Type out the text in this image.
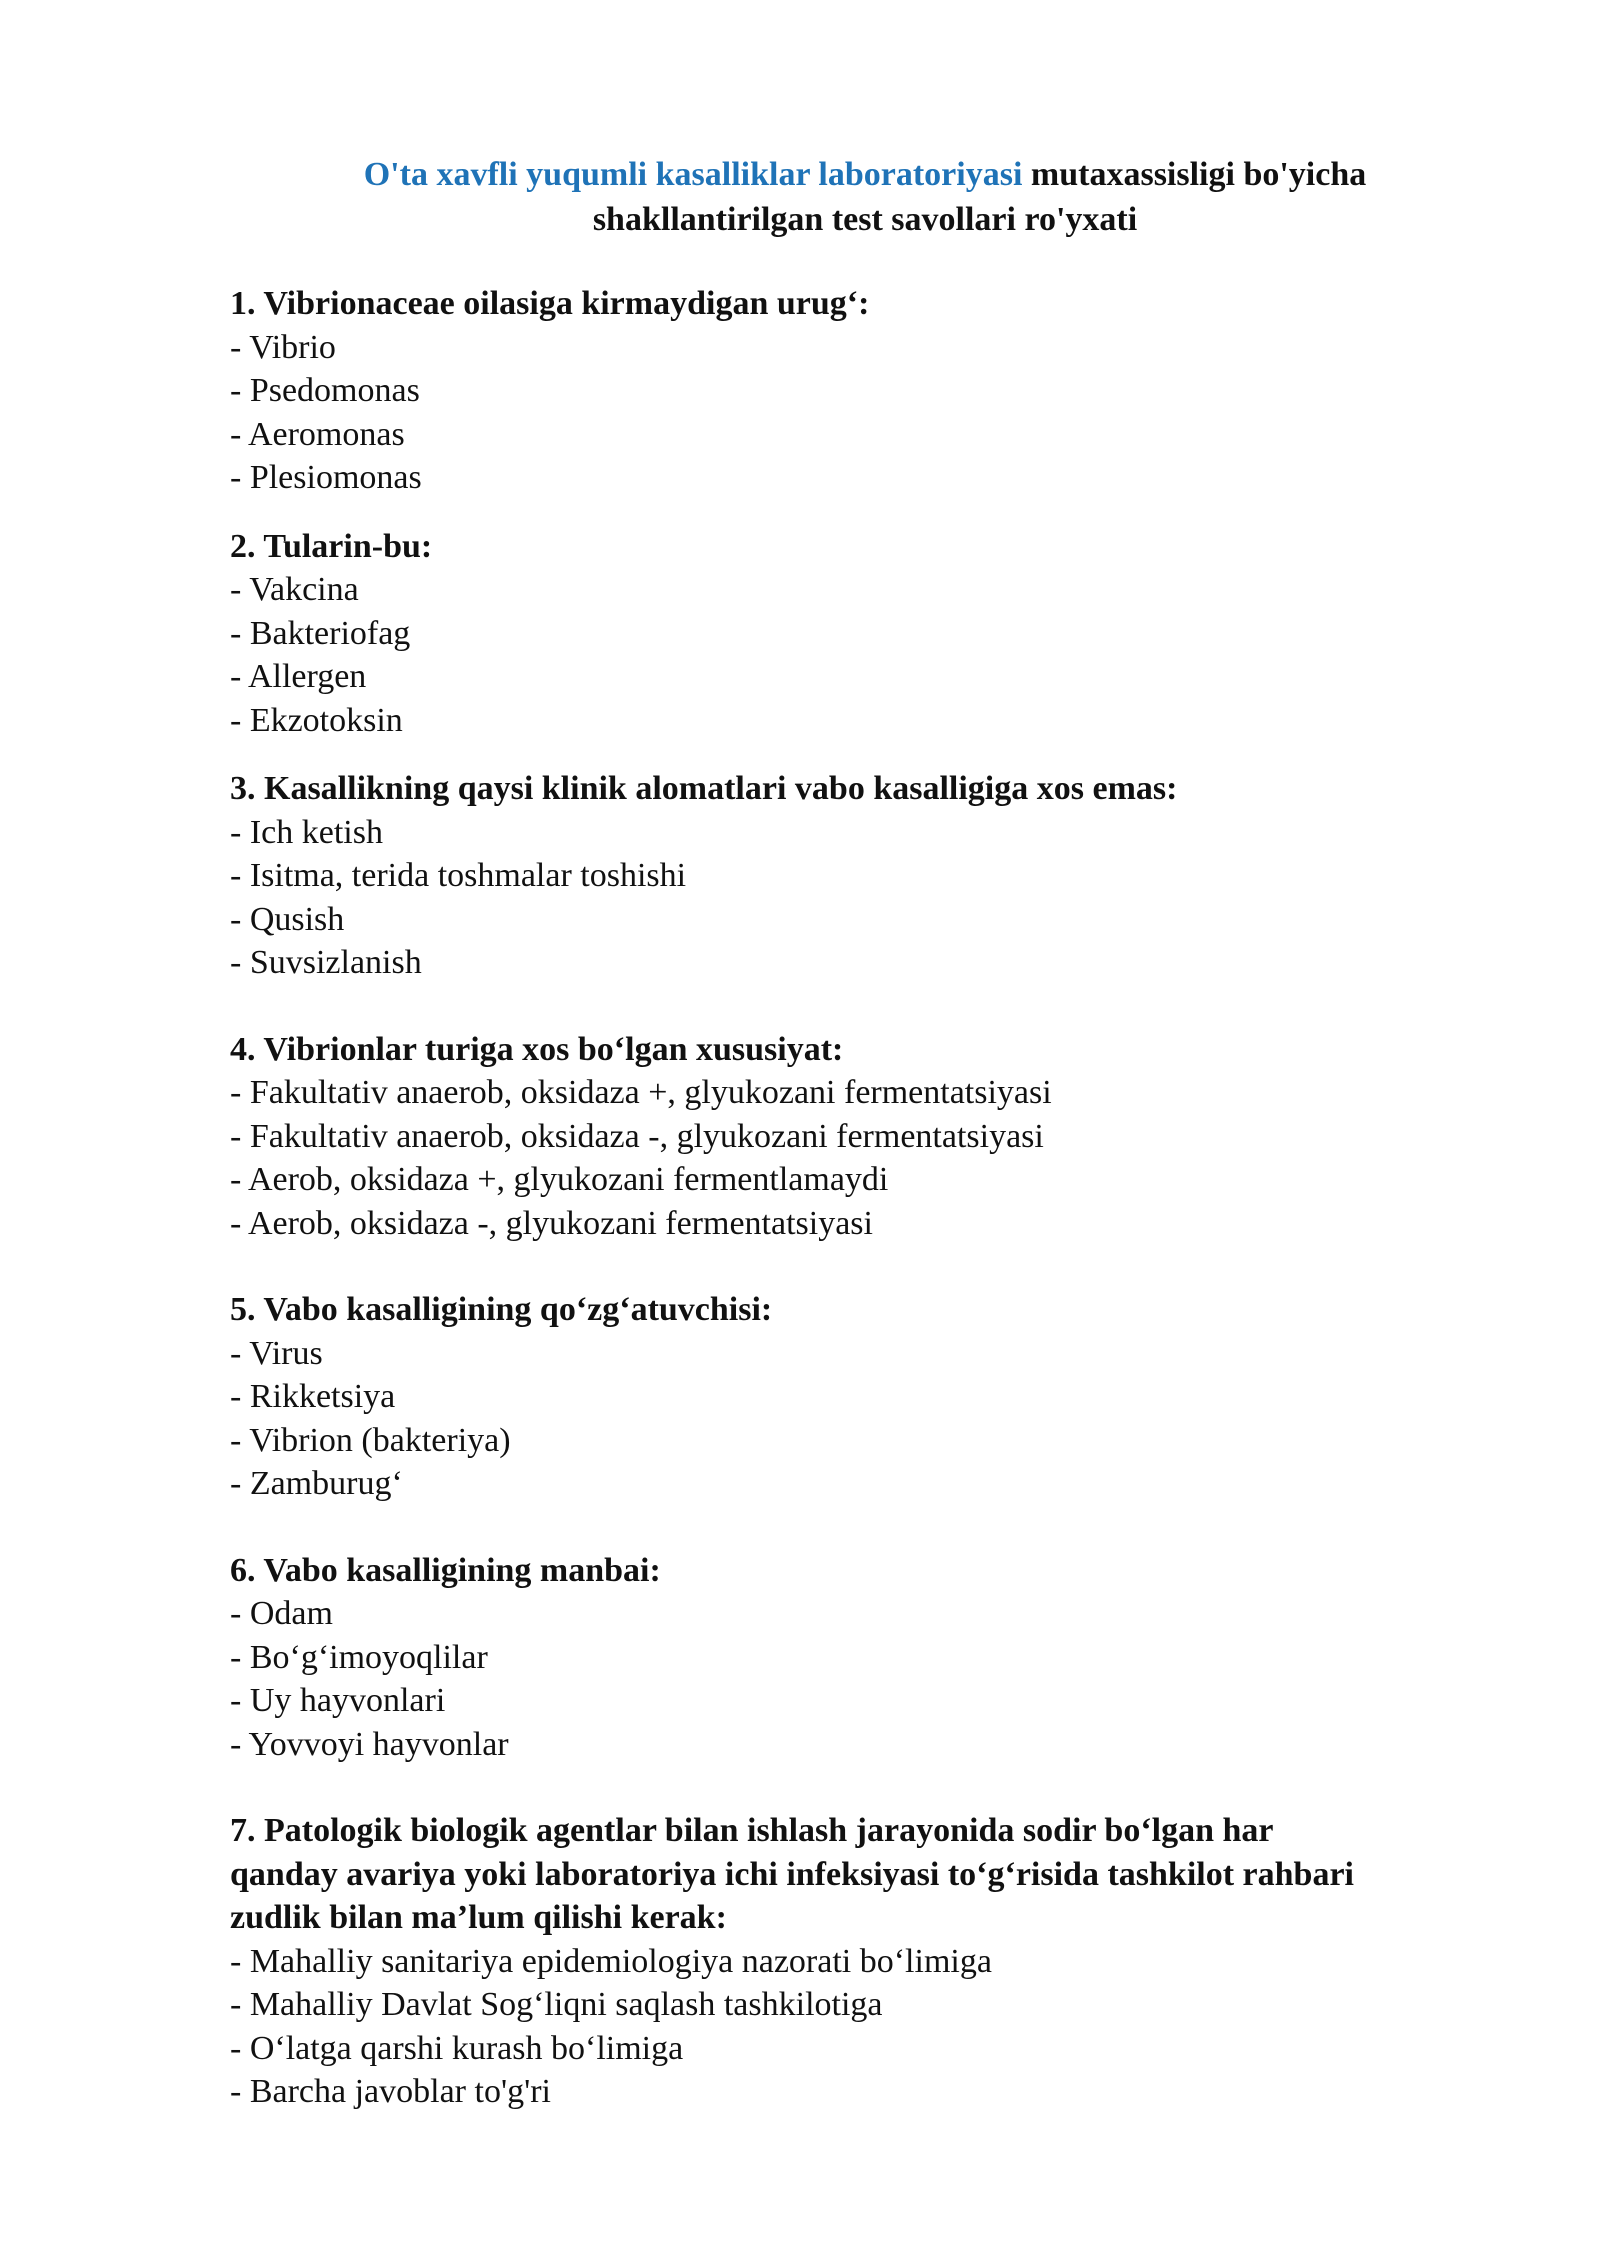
O'ta xavfli yuqumli kasalliklar laboratoriyasi mutaxassisligi bo'yicha
shakllantirilgan test savollari ro'yxati

1. Vibrionaceae oilasiga kirmaydigan urug‘:

- Vibrio
- Psedomonas
- Aeromonas
- Plesiomonas

2. Tularin-bu:

- Vakcina
- Bakteriofag
- Allergen
- Ekzotoksin

3. Kasallikning qaysi klinik alomatlari vabo kasalligiga xos emas:

- Ich ketish
- Isitma, terida toshmalar toshishi
- Qusish
- Suvsizlanish

4. Vibrionlar turiga xos bo‘lgan xususiyat:

- Fakultativ anaerob, oksidaza +, glyukozani fermentatsiyasi
- Fakultativ anaerob, oksidaza -, glyukozani fermentatsiyasi
- Aerob, oksidaza +, glyukozani fermentlamaydi
- Aerob, oksidaza -, glyukozani fermentatsiyasi

5. Vabo kasalligining qo‘zg‘atuvchisi:

- Virus
- Rikketsiya
- Vibrion (bakteriya)
- Zamburug‘

6. Vabo kasalligining manbai:

- Odam
- Bo‘g‘imoyoqlilar
- Uy hayvonlari
- Yovvoyi hayvonlar

7. Patologik biologik agentlar bilan ishlash jarayonida sodir bo‘lgan har

qanday avariya yoki laboratoriya ichi infeksiyasi to‘g‘risida tashkilot rahbari

zudlik bilan ma’lum qilishi kerak:

- Mahalliy sanitariya epidemiologiya nazorati bo‘limiga
- Mahalliy Davlat Sog‘liqni saqlash tashkilotiga
- O‘latga qarshi kurash bo‘limiga
- Barcha javoblar to'g'ri
